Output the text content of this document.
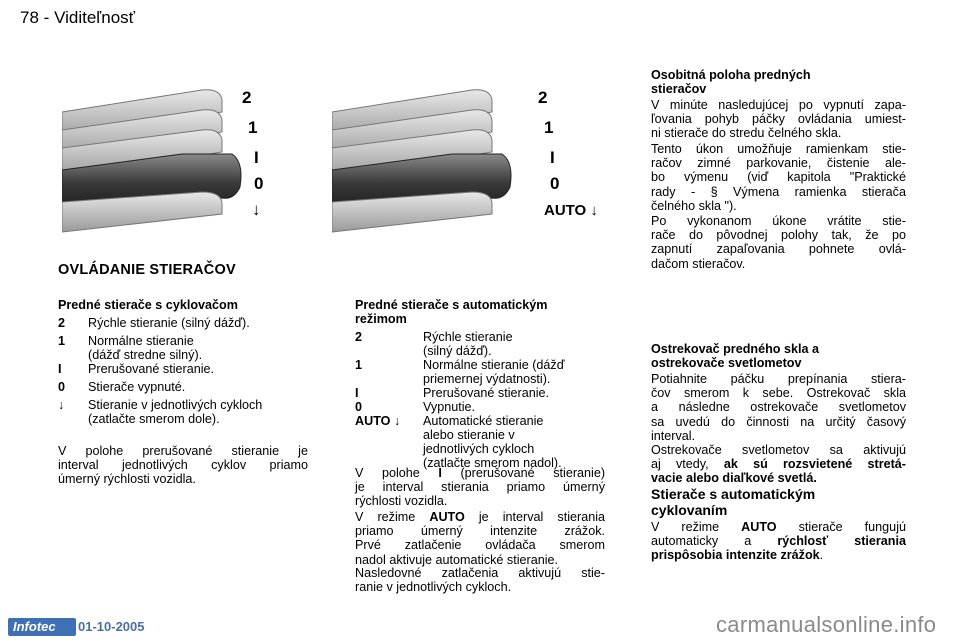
78 - Viditeľnosť
2
1
I
0
↓
2
1
I
0
AUTO ↓
OVLÁDANIE STIERAČOV
Predné stierače s cyklovačom
2 Rýchle stieranie (silný dážď).
1 Normálne stieranie
(dážď stredne silný).
I Prerušované stieranie.
0 Stierače vypnuté.
↓ Stieranie v jednotlivých cykloch
(zatlačte smerom dole).
V polohe prerušované stieranie je
interval jednotlivých cyklov priamo
úmerný rýchlosti vozidla.
Predné stierače s automatickým
režimom
2	Rýchle stieranie
(silný dážď).
1	Normálne stieranie (dážď
priemernej výdatnosti).
I	Prerušované stieranie.
0	Vypnutie.
AUTO ↓ Automatické stieranie
alebo stieranie v
jednotlivých cykloch
(zatlačte smerom nadol).
V polohe I (prerušované stieranie)
je interval stierania priamo úmerný
rýchlosti vozidla.
V režime AUTO je interval stierania
priamo úmerný intenzite zrážok.
Prvé zatlačenie ovládača smerom
nadol aktivuje automatické stieranie.
Nasledovné zatlačenia aktivujú stie-
ranie v jednotlivých cykloch.
Osobitná poloha predných
stieračov
V minúte nasledujúcej po vypnutí zapa-
ľovania pohyb páčky ovládania umiest-
ni stierače do stredu čelného skla.
Tento úkon umožňuje ramienkam stie-
račov zimné parkovanie, čistenie ale-
bo výmenu (viď kapitola "Praktické
rady - § Výmena ramienka stierača
čelného skla ").
Po vykonanom úkone vrátite stie-
rače do pôvodnej polohy tak, že po
zapnutí zapaľovania pohnete ovlá-
dačom stieračov.
Ostrekovač predného skla a
ostrekovače svetlometov
Potiahnite páčku prepínania stiera-
čov smerom k sebe. Ostrekovač skla
a následne ostrekovače svetlometov
sa uvedú do činnosti na určitý časový
interval.
Ostrekovače svetlometov sa aktivujú
aj vtedy, ak sú rozsvietené stretá-
vacie alebo diaľkové svetlá.
Stierače s automatickým
cyklovaním
V režime AUTO stierače fungujú
automaticky a rýchlosť stierania
prispôsobia intenzite zrážok.
Infotec 01-10-2005	carmanualsonline.info
